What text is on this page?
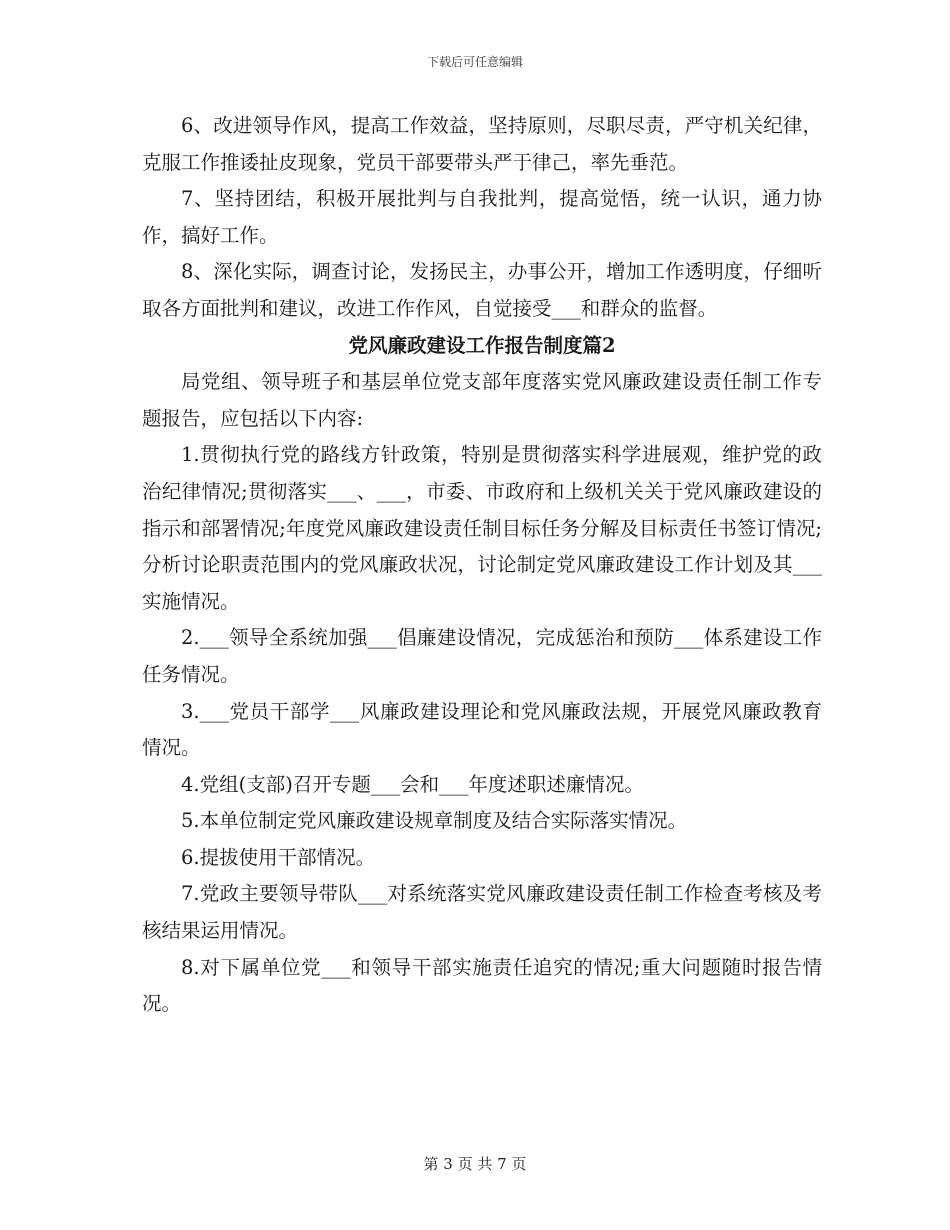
下载后可任意编辑

6、改进领导作风，提高工作效益，坚持原则，尽职尽责，严守机关纪律，克服工作推诿扯皮现象，党员干部要带头严于律己，率先垂范。

7、坚持团结，积极开展批判与自我批判，提高觉悟，统一认识，通力协作，搞好工作。

8、深化实际，调查讨论，发扬民主，办事公开，增加工作透明度，仔细听取各方面批判和建议，改进工作作风，自觉接受___和群众的监督。

党风廉政建设工作报告制度篇2

局党组、领导班子和基层单位党支部年度落实党风廉政建设责任制工作专题报告，应包括以下内容:

1.贯彻执行党的路线方针政策，特别是贯彻落实科学进展观，维护党的政治纪律情况;贯彻落实___、___，市委、市政府和上级机关关于党风廉政建设的指示和部署情况;年度党风廉政建设责任制目标任务分解及目标责任书签订情况;分析讨论职责范围内的党风廉政状况，讨论制定党风廉政建设工作计划及其___实施情况。

2.___领导全系统加强___倡廉建设情况，完成惩治和预防___体系建设工作任务情况。

3.___党员干部学___风廉政建设理论和党风廉政法规，开展党风廉政教育情况。

4.党组(支部)召开专题___会和___年度述职述廉情况。

5.本单位制定党风廉政建设规章制度及结合实际落实情况。

6.提拔使用干部情况。

7.党政主要领导带队___对系统落实党风廉政建设责任制工作检查考核及考核结果运用情况。

8.对下属单位党___和领导干部实施责任追究的情况;重大问题随时报告情况。

第 3 页 共 7 页
